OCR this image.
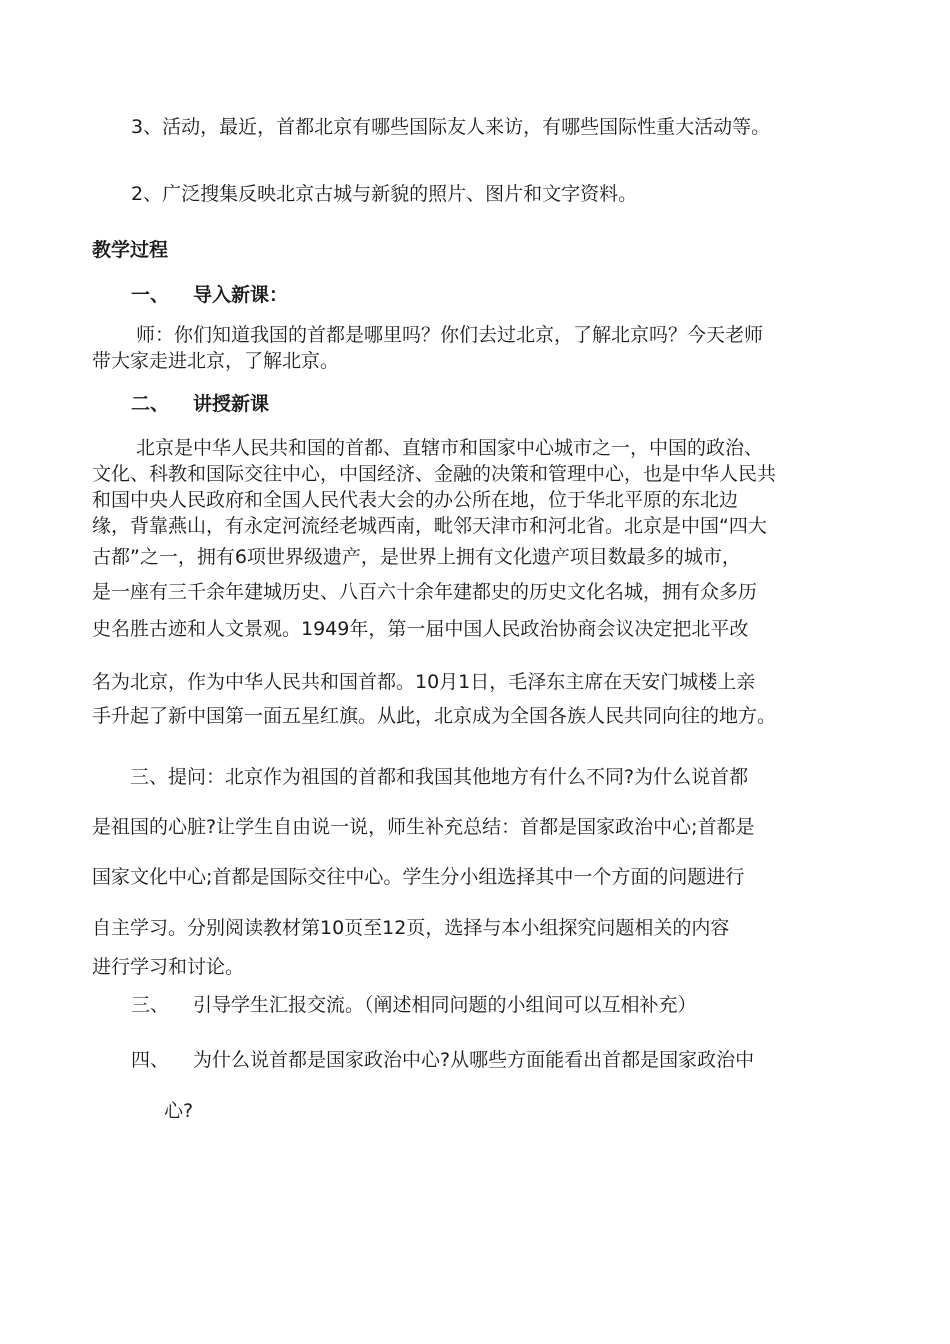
3、活动，最近，首都北京有哪些国际友人来访，有哪些国际性重大活动等。
2、广泛搜集反映北京古城与新貌的照片、图片和文字资料。
教学过程
一、 导入新课：
师：你们知道我国的首都是哪里吗？你们去过北京，了解北京吗？今天老师
带大家走进北京，了解北京。
二、 讲授新课
北京是中华人民共和国的首都、直辖市和国家中心城市之一，中国的政治、
文化、科教和国际交往中心，中国经济、金融的决策和管理中心，也是中华人民共
和国中央人民政府和全国人民代表大会的办公所在地，位于华北平原的东北边
缘，背靠燕山，有永定河流经老城西南，毗邻天津市和河北省。北京是中国“四大
古都”之一，拥有6项世界级遗产，是世界上拥有文化遗产项目数最多的城市，
是一座有三千余年建城历史、八百六十余年建都史的历史文化名城，拥有众多历
史名胜古迹和人文景观。1949年，第一届中国人民政治协商会议决定把北平改
名为北京，作为中华人民共和国首都。10月1日，毛泽东主席在天安门城楼上亲
手升起了新中国第一面五星红旗。从此，北京成为全国各族人民共同向往的地方。
三、提问：北京作为祖国的首都和我国其他地方有什么不同?为什么说首都
是祖国的心脏?让学生自由说一说，师生补充总结：首都是国家政治中心;首都是
国家文化中心;首都是国际交往中心。学生分小组选择其中一个方面的问题进行
自主学习。分别阅读教材第10页至12页，选择与本小组探究问题相关的内容
进行学习和讨论。
三、 引导学生汇报交流。（阐述相同问题的小组间可以互相补充）
四、 为什么说首都是国家政治中心?从哪些方面能看出首都是国家政治中
心?
